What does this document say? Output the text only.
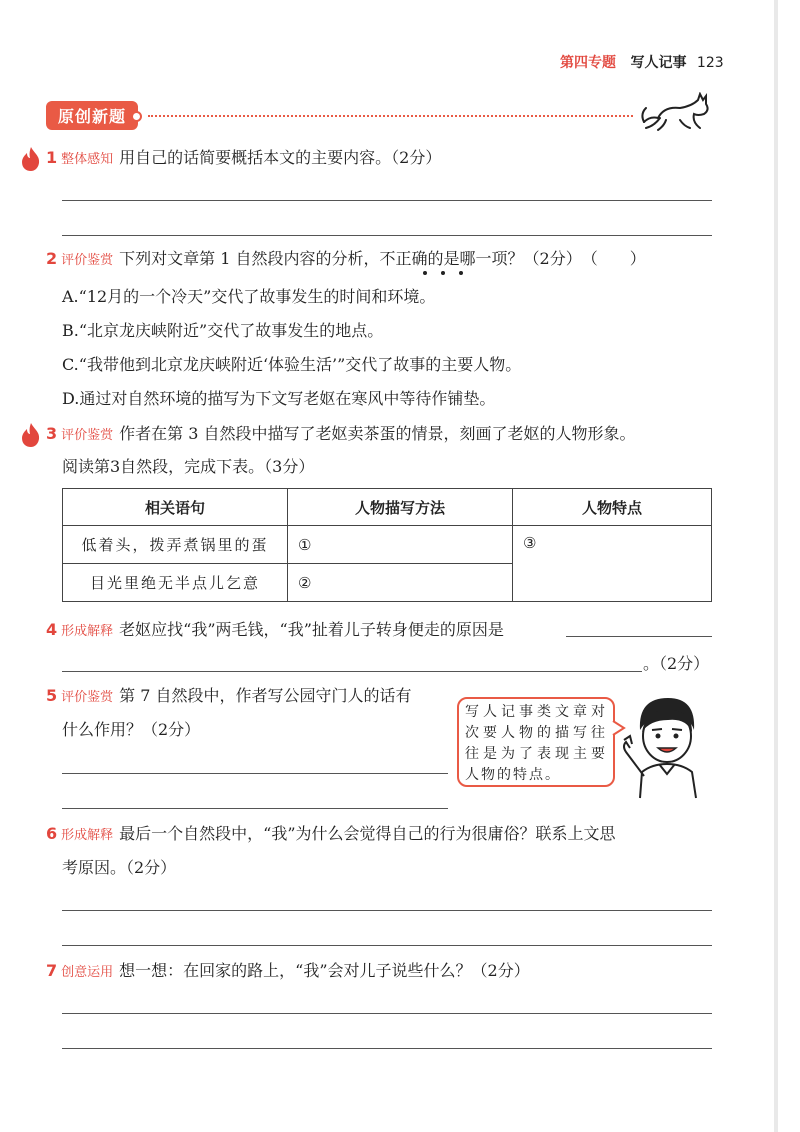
第四专题 写人记事 123
原创新题
1 整体感知 用自己的话简要概括本文的主要内容。（2分）
2 评价鉴赏 下列对文章第 1 自然段内容的分析，不正确的是哪一项？（2分）　（　　）
A.“12月的一个冷天”交代了故事发生的时间和环境。
B.“北京龙庆峡附近”交代了故事发生的地点。
C.“我带他到北京龙庆峡附近‘体验生活’”交代了故事的主要人物。
D.通过对自然环境的描写为下文写老妪在寒风中等待作铺垫。
3 评价鉴赏 作者在第 3 自然段中描写了老妪卖茶蛋的情景，刻画了老妪的人物形象。
阅读第3自然段，完成下表。（3分）
相关语句	人物描写方法	人物特点
低着头，拨弄煮锅里的蛋	①	③
目光里绝无半点儿乞意	②	
4 形成解释 老妪应找“我”两毛钱，“我”扯着儿子转身便走的原因是
。（2分）
5 评价鉴赏 第 7 自然段中，作者写公园守门人的话有
什么作用？（2分）
写人记事类文章对次要人物的描写往往是为了表现主要人物的特点。
6 形成解释 最后一个自然段中，“我”为什么会觉得自己的行为很庸俗？联系上文思
考原因。（2分）
7 创意运用 想一想：在回家的路上，“我”会对儿子说些什么？（2分）
